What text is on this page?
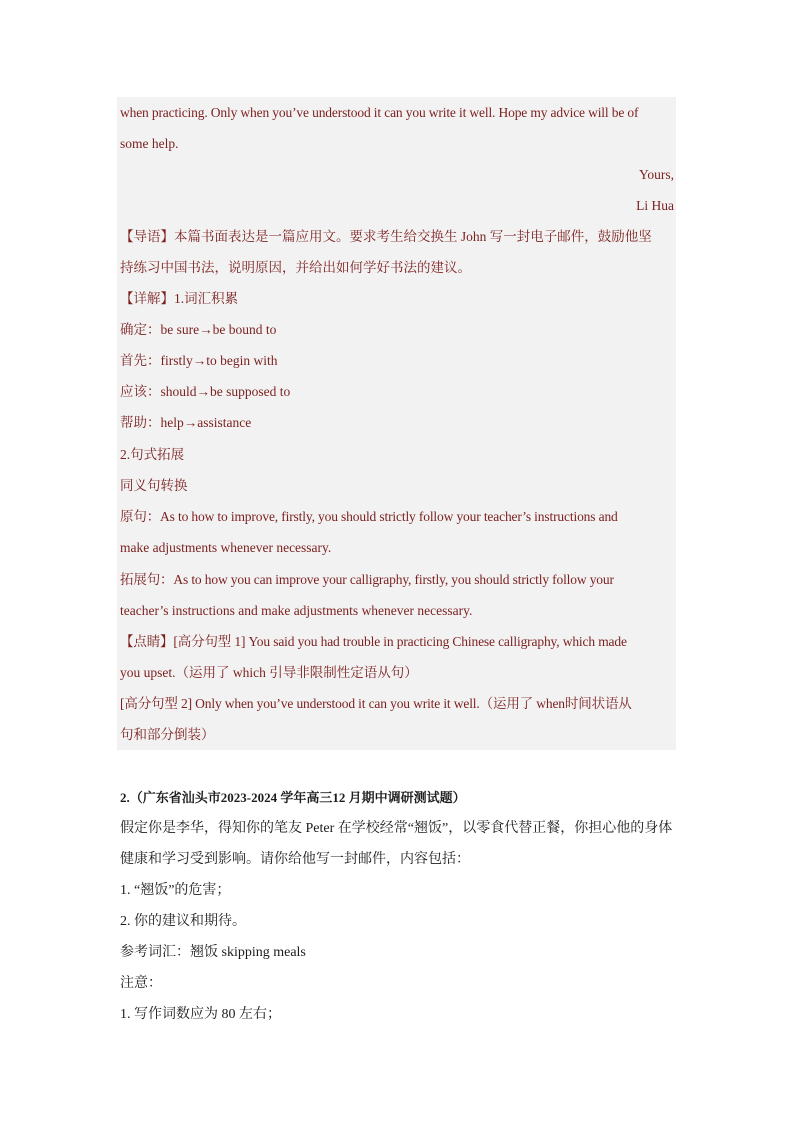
when practicing. Only when you’ve understood it can you write it well. Hope my advice will be of
some help.
Yours,
Li Hua
【导语】本篇书面表达是一篇应用文。要求考生给交换生 John 写一封电子邮件，鼓励他坚
持练习中国书法，说明原因，并给出如何学好书法的建议。
【详解】1.词汇积累
确定：be sure→be bound to
首先：firstly→to begin with
应该：should→be supposed to
帮助：help→assistance
2.句式拓展
同义句转换
原句：As to how to improve, firstly, you should strictly follow your teacher’s instructions and
make adjustments whenever necessary.
拓展句：As to how you can improve your calligraphy, firstly, you should strictly follow your
teacher’s instructions and make adjustments whenever necessary.
【点睛】[高分句型 1] You said you had trouble in practicing Chinese calligraphy, which made
you upset.（运用了 which 引导非限制性定语从句）
[高分句型 2] Only when you’ve understood it can you write it well.（运用了 when时间状语从
句和部分倒装）
2.（广东省汕头市2023-2024 学年高三12 月期中调研测试题）
假定你是李华，得知你的笔友 Peter 在学校经常“翘饭”，以零食代替正餐，你担心他的身体
健康和学习受到影响。请你给他写一封邮件，内容包括：
1. “翘饭”的危害；
2. 你的建议和期待。
参考词汇：翘饭 skipping meals
注意：
1. 写作词数应为 80 左右；
